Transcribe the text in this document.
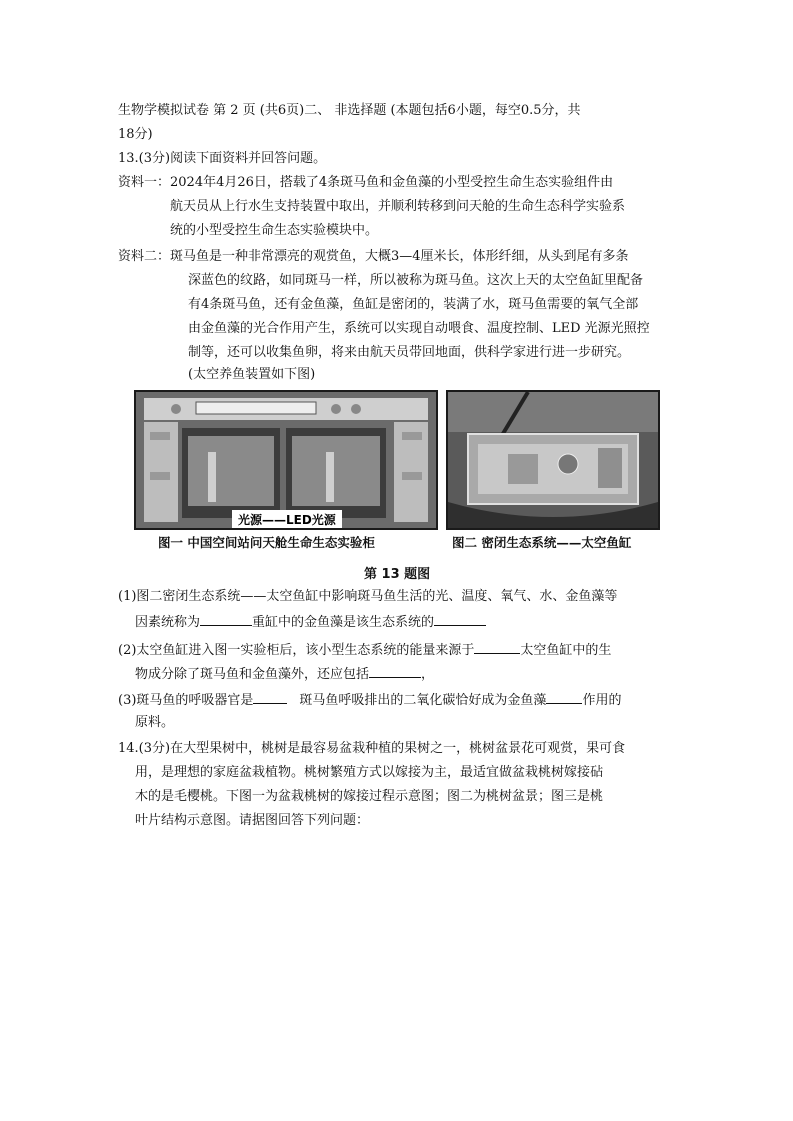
生物学模拟试卷 第 2 页 (共6页)二、 非选择题 (本题包括6小题，每空0.5分，共
18分)
13.(3分)阅读下面资料并回答问题。
资料一：2024年4月26日，搭载了4条斑马鱼和金鱼藻的小型受控生命生态实验组件由
航天员从上行水生支持装置中取出，并顺利转移到问天舱的生命生态科学实验系
统的小型受控生命生态实验模块中。
资料二：斑马鱼是一种非常漂亮的观赏鱼，大概3—4厘米长，体形纤细，从头到尾有多条
深蓝色的纹路，如同斑马一样，所以被称为斑马鱼。这次上天的太空鱼缸里配备
有4条斑马鱼，还有金鱼藻，鱼缸是密闭的，装满了水，斑马鱼需要的氧气全部
由金鱼藻的光合作用产生，系统可以实现自动喂食、温度控制、LED 光源光照控
制等，还可以收集鱼卵，将来由航天员带回地面，供科学家进行进一步研究。
(太空养鱼装置如下图)
光源——LED光源
图一 中国空间站问天舱生命生态实验柜	图二 密闭生态系统——太空鱼缸
第 13 题图
(1)图二密闭生态系统——太空鱼缸中影响斑马鱼生活的光、温度、氧气、水、金鱼藻等
因素统称为	重缸中的金鱼藻是该生态系统的
(2)太空鱼缸进入图一实验柜后，该小型生态系统的能量来源于	太空鱼缸中的生
物成分除了斑马鱼和金鱼藻外，还应包括	，
(3)斑马鱼的呼吸器官是	斑马鱼呼吸排出的二氧化碳恰好成为金鱼藻	作用的
原料。
14.(3分)在大型果树中，桃树是最容易盆栽种植的果树之一，桃树盆景花可观赏，果可食
用，是理想的家庭盆栽植物。桃树繁殖方式以嫁接为主，最适宜做盆栽桃树嫁接砧
木的是毛樱桃。下图一为盆栽桃树的嫁接过程示意图；图二为桃树盆景；图三是桃
叶片结构示意图。请据图回答下列问题：
